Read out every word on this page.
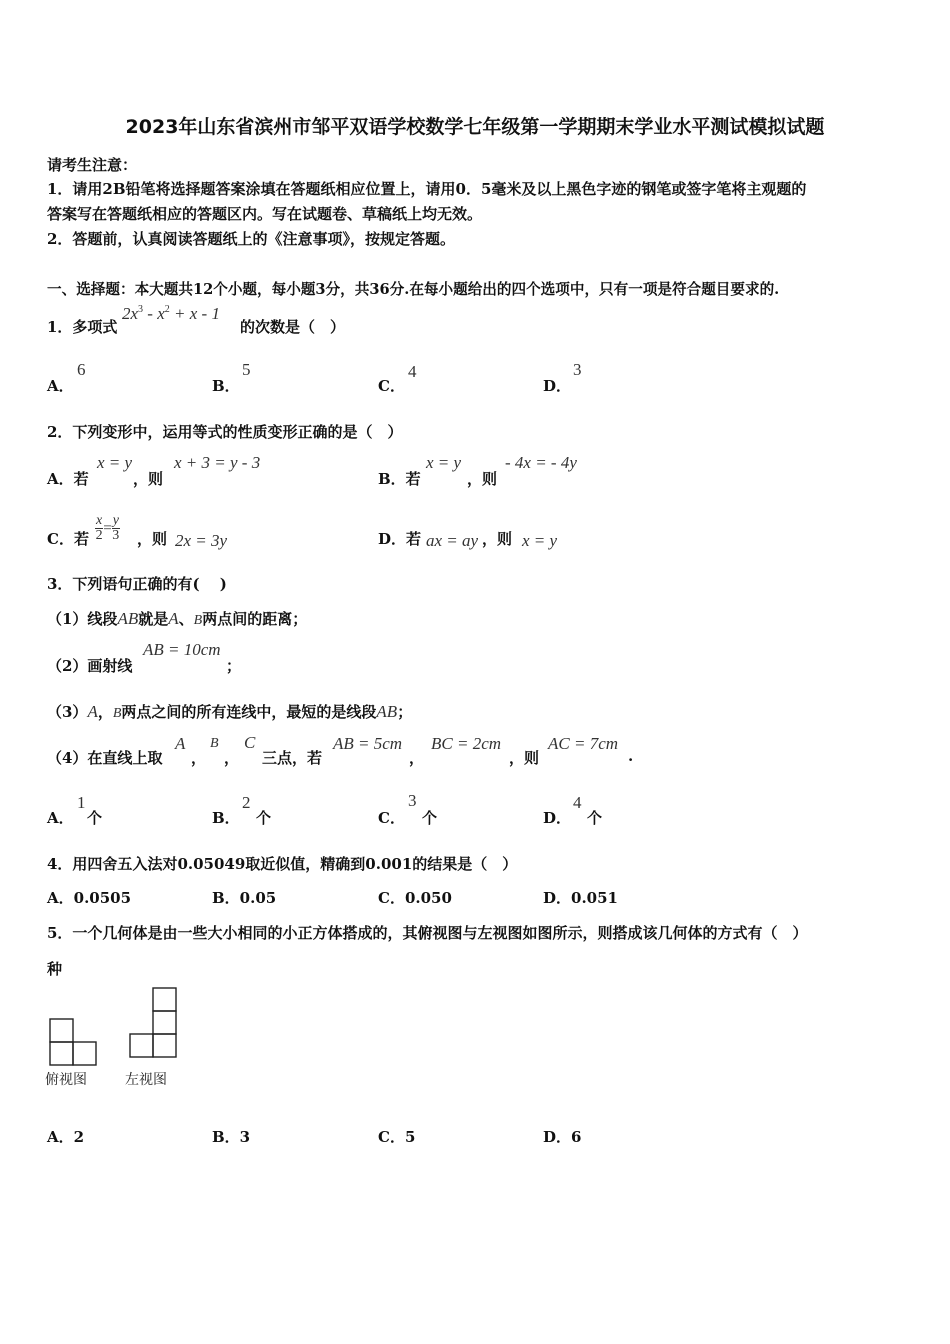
2023年山东省滨州市邹平双语学校数学七年级第一学期期末学业水平测试模拟试题
请考生注意：
1．请用2B铅笔将选择题答案涂填在答题纸相应位置上，请用0．5毫米及以上黑色字迹的钢笔或签字笔将主观题的
答案写在答题纸相应的答题区内。写在试题卷、草稿纸上均无效。
2．答题前，认真阅读答题纸上的《注意事项》，按规定答题。
一、选择题：本大题共12个小题，每小题3分，共36分.在每小题给出的四个选项中，只有一项是符合题目要求的.
1．多项式
$2x^3 - x^2 + x - 1$
的次数是（　）
A．
6
B．
5
C．
4
D．
3
2．下列变形中，运用等式的性质变形正确的是（　）
A．若
x = y
，则
x + 3 = y - 3
B．若
x = y
，则
- 4x = - 4y
C．若 $\frac{x}{2} = \frac{y}{3}$ ，则 2x = 3y	D．若 ax = ay ，则 x = y
3．下列语句正确的有(　 )
（1）线段AB就是A、B两点间的距离；
（2）画射线
AB = 10cm
；
（3）A，B两点之间的所有连线中，最短的是线段AB；
（4）在直线上取
A
，
B
，
C
三点，若
AB = 5cm
，
BC = 2cm
，则
AC = 7cm
.
A．
1
个	B．
2
个	C．
3
个	D．
4
个
4．用四舍五入法对0.05049取近似值，精确到0.001的结果是（　）
A．0.0505	B．0.05	C．0.050	D．0.051
5．一个几何体是由一些大小相同的小正方体搭成的，其俯视图与左视图如图所示，则搭成该几何体的方式有（　）
种
俯视图	左视图
A．2	B．3	C．5	D．6
